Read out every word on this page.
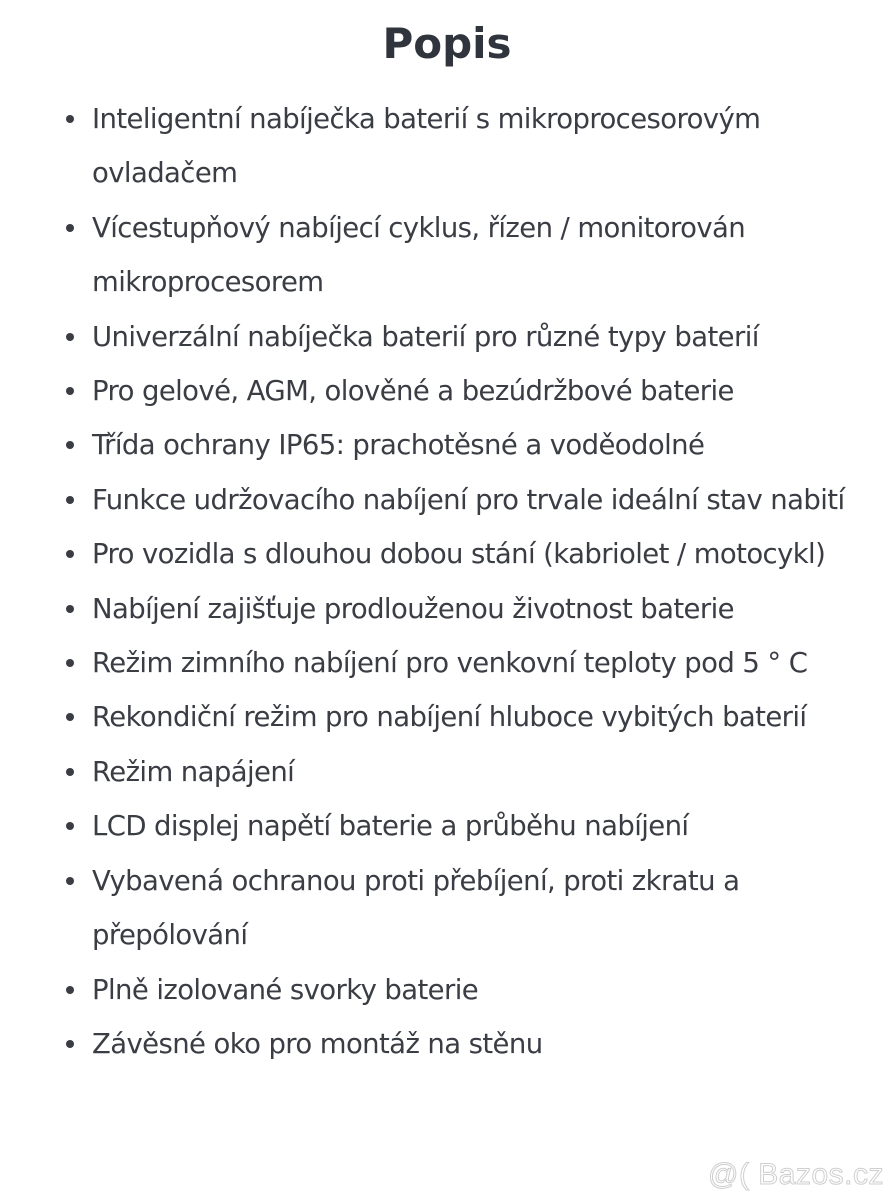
Popis
Inteligentní nabíječka baterií s mikroprocesorovým ovladačem
Vícestupňový nabíjecí cyklus, řízen / monitorován mikroprocesorem
Univerzální nabíječka baterií pro různé typy baterií
Pro gelové, AGM, olověné a bezúdržbové baterie
Třída ochrany IP65: prachotěsné a voděodolné
Funkce udržovacího nabíjení pro trvale ideální stav nabití
Pro vozidla s dlouhou dobou stání (kabriolet / motocykl)
Nabíjení zajišťuje prodlouženou životnost baterie
Režim zimního nabíjení pro venkovní teploty pod 5 ° C
Rekondiční režim pro nabíjení hluboce vybitých baterií
Režim napájení
LCD displej napětí baterie a průběhu nabíjení
Vybavená ochranou proti přebíjení, proti zkratu a přepólování
Plně izolované svorky baterie
Závěsné oko pro montáž na stěnu
@( Bazos.cz
